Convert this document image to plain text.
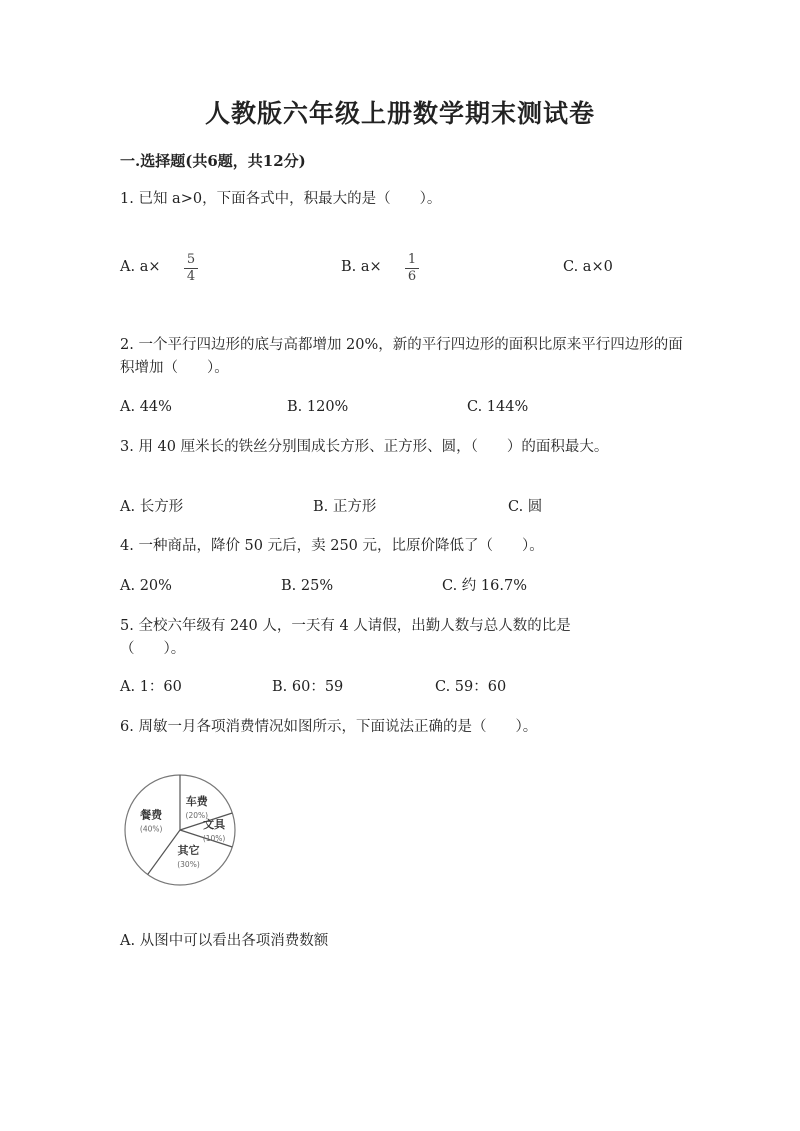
人教版六年级上册数学期末测试卷
一.选择题(共6题，共12分)
1. 已知 a>0，下面各式中，积最大的是（　　）。
A. a× 5
4
B. a× 1
6
C. a×0
2. 一个平行四边形的底与高都增加 20%，新的平行四边形的面积比原来平行四边形的面积增加（　　）。
A. 44%	B. 120%	C. 144%
3. 用 40 厘米长的铁丝分别围成长方形、正方形、圆，（　　）的面积最大。
A. 长方形	B. 正方形	C. 圆
4. 一种商品，降价 50 元后，卖 250 元，比原价降低了（　　）。
A. 20%	B. 25%	C. 约 16.7%
5. 全校六年级有 240 人，一天有 4 人请假，出勤人数与总人数的比是（　　）。
A. 1：60	B. 60：59	C. 59：60
6. 周敏一月各项消费情况如图所示，下面说法正确的是（　　）。
餐费
(40%)
车费
(20%)
文具
(10%)
其它
(30%)
A. 从图中可以看出各项消费数额
